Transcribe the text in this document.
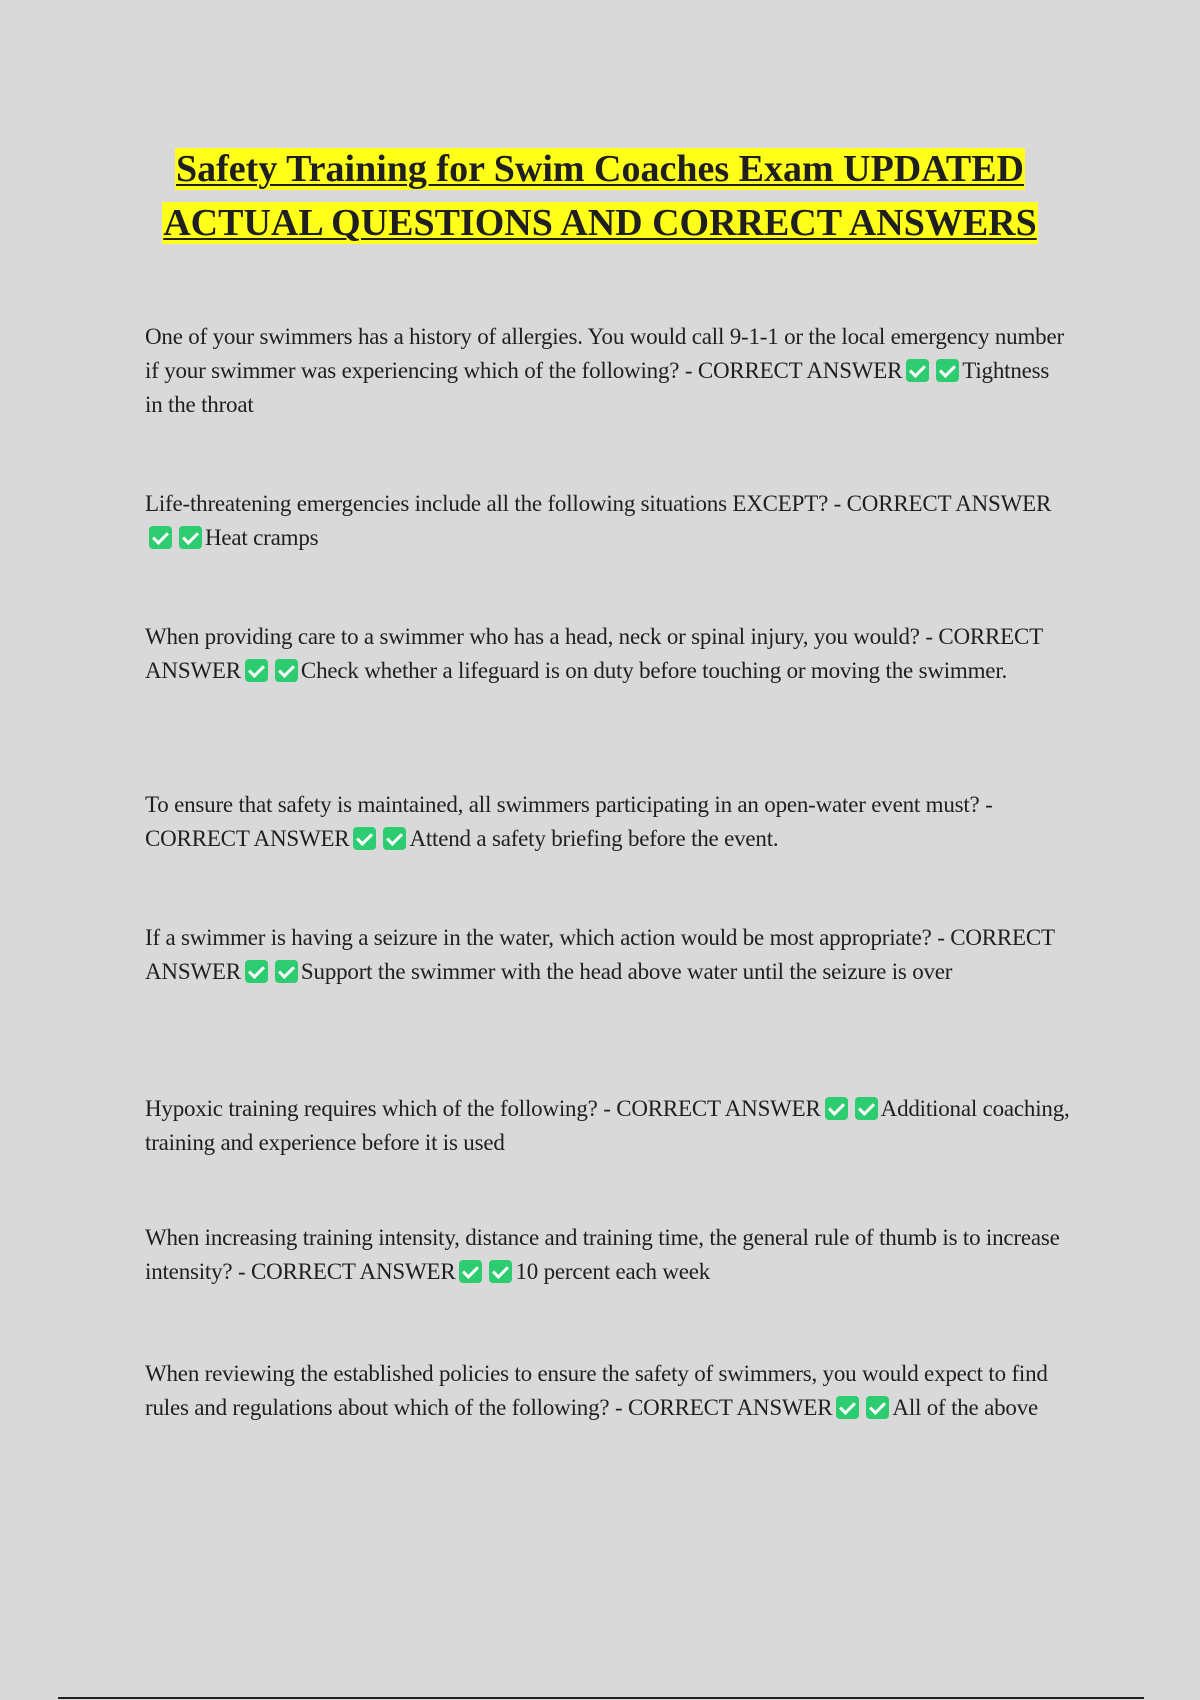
Safety Training for Swim Coaches Exam UPDATED ACTUAL QUESTIONS AND CORRECT ANSWERS

One of your swimmers has a history of allergies. You would call 9-1-1 or the local emergency number if your swimmer was experiencing which of the following? - CORRECT ANSWER	Tightness in the throat

Life-threatening emergencies include all the following situations EXCEPT? - CORRECT ANSWERHeat cramps

When providing care to a swimmer who has a head, neck or spinal injury, you would? - CORRECT ANSWER	Check whether a lifeguard is on duty before touching or moving the swimmer.

To ensure that safety is maintained, all swimmers participating in an open-water event must? - CORRECT ANSWER	Attend a safety briefing before the event.

If a swimmer is having a seizure in the water, which action would be most appropriate? - CORRECT ANSWER	Support the swimmer with the head above water until the seizure is over

Hypoxic training requires which of the following? - CORRECT ANSWER	Additional coaching, training and experience before it is used

When increasing training intensity, distance and training time, the general rule of thumb is to increase intensity? - CORRECT ANSWER	10 percent each week

When reviewing the established policies to ensure the safety of swimmers, you would expect to find rules and regulations about which of the following? - CORRECT ANSWER	All of the above
